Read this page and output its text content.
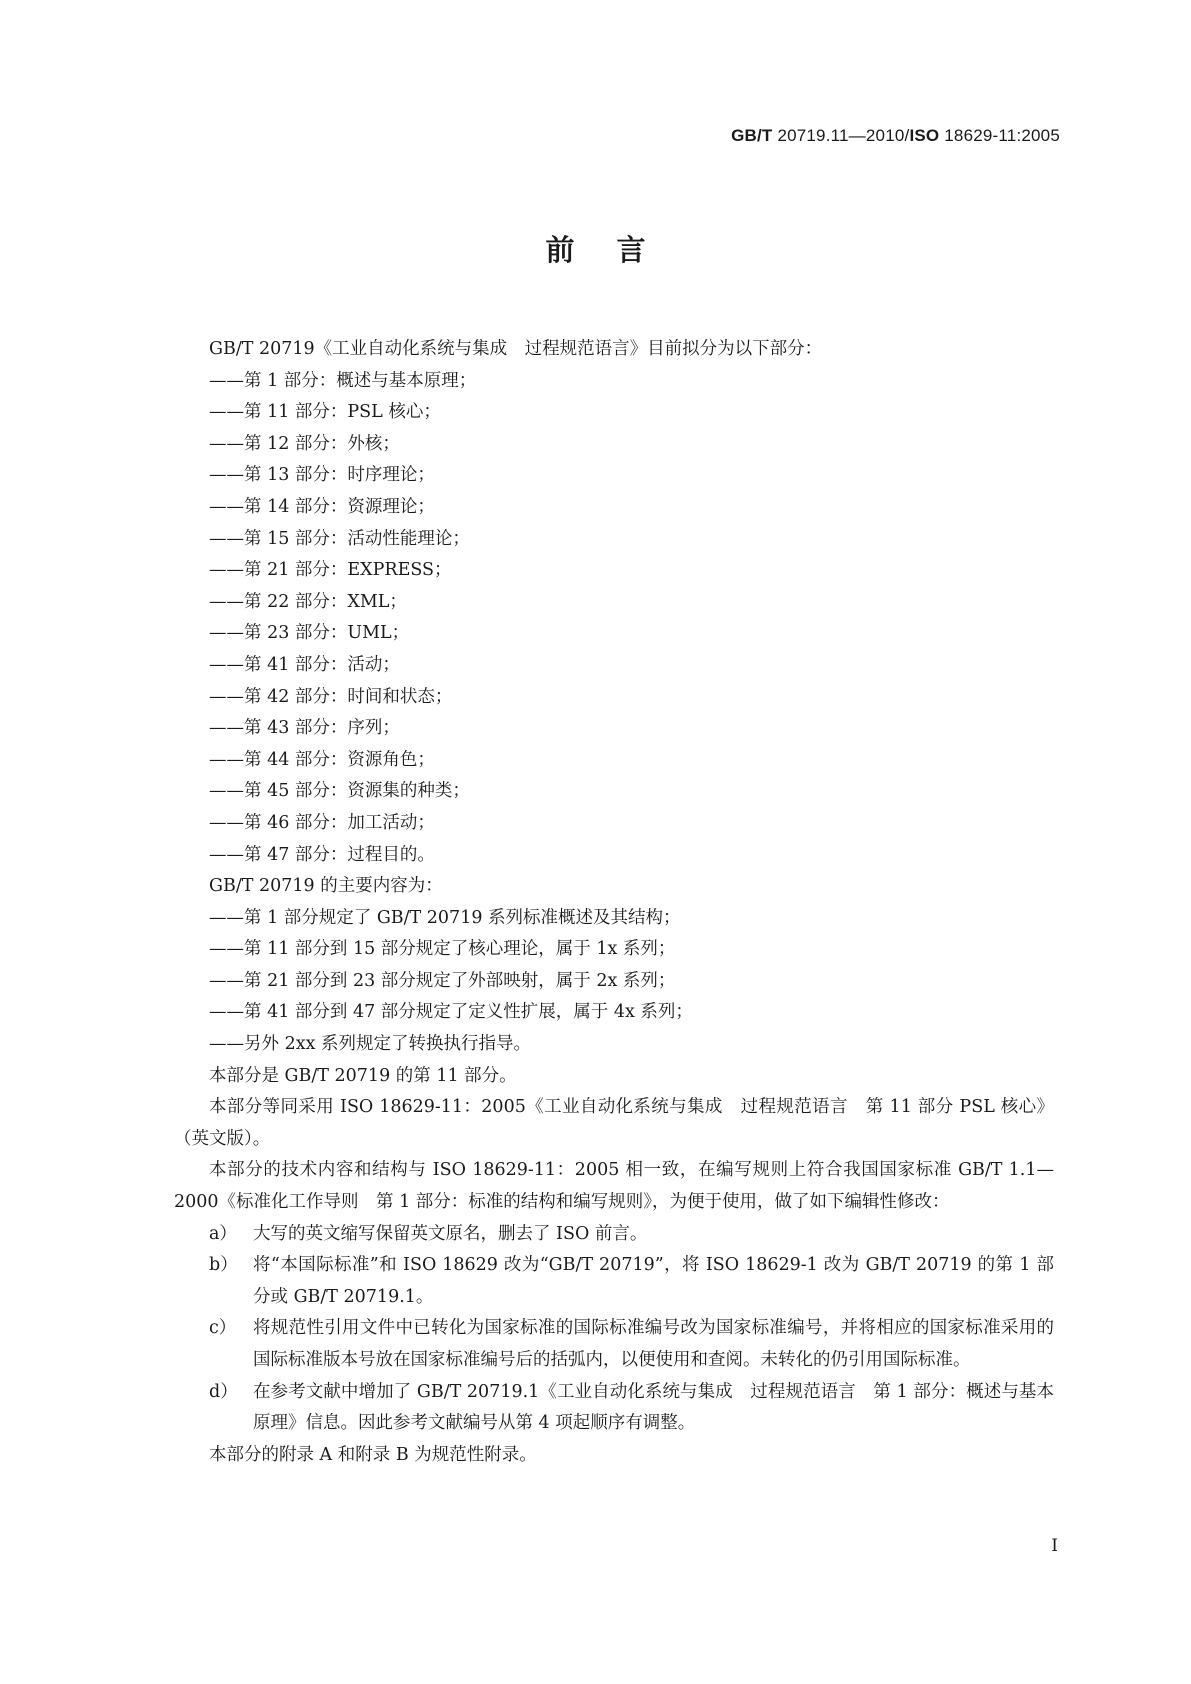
GB/T 20719.11—2010/ISO 18629-11:2005
前言

GB/T 20719《工业自动化系统与集成　过程规范语言》目前拟分为以下部分：

——第 1 部分：概述与基本原理；

——第 11 部分：PSL 核心；

——第 12 部分：外核；

——第 13 部分：时序理论；

——第 14 部分：资源理论；

——第 15 部分：活动性能理论；

——第 21 部分：EXPRESS；

——第 22 部分：XML；

——第 23 部分：UML；

——第 41 部分：活动；

——第 42 部分：时间和状态；

——第 43 部分：序列；

——第 44 部分：资源角色；

——第 45 部分：资源集的种类；

——第 46 部分：加工活动；

——第 47 部分：过程目的。

GB/T 20719 的主要内容为：

——第 1 部分规定了 GB/T 20719 系列标准概述及其结构；

——第 11 部分到 15 部分规定了核心理论，属于 1x 系列；

——第 21 部分到 23 部分规定了外部映射，属于 2x 系列；

——第 41 部分到 47 部分规定了定义性扩展，属于 4x 系列；

——另外 2xx 系列规定了转换执行指导。

本部分是 GB/T 20719 的第 11 部分。

本部分等同采用 ISO 18629-11：2005《工业自动化系统与集成　过程规范语言　第 11 部分 PSL 核心》（英文版）。

本部分的技术内容和结构与 ISO 18629-11：2005 相一致，在编写规则上符合我国国家标准 GB/T 1.1—2000《标准化工作导则　第 1 部分：标准的结构和编写规则》，为便于使用，做了如下编辑性修改：

a） 大写的英文缩写保留英文原名，删去了 ISO 前言。
b） 将“本国际标准”和 ISO 18629 改为“GB/T 20719”，将 ISO 18629-1 改为 GB/T 20719 的第 1 部分或 GB/T 20719.1。
c） 将规范性引用文件中已转化为国家标准的国际标准编号改为国家标准编号，并将相应的国家标准采用的国际标准版本号放在国家标准编号后的括弧内，以便使用和查阅。未转化的仍引用国际标准。
d） 在参考文献中增加了 GB/T 20719.1《工业自动化系统与集成　过程规范语言　第 1 部分：概述与基本原理》信息。因此参考文献编号从第 4 项起顺序有调整。

本部分的附录 A 和附录 B 为规范性附录。

Ⅰ
